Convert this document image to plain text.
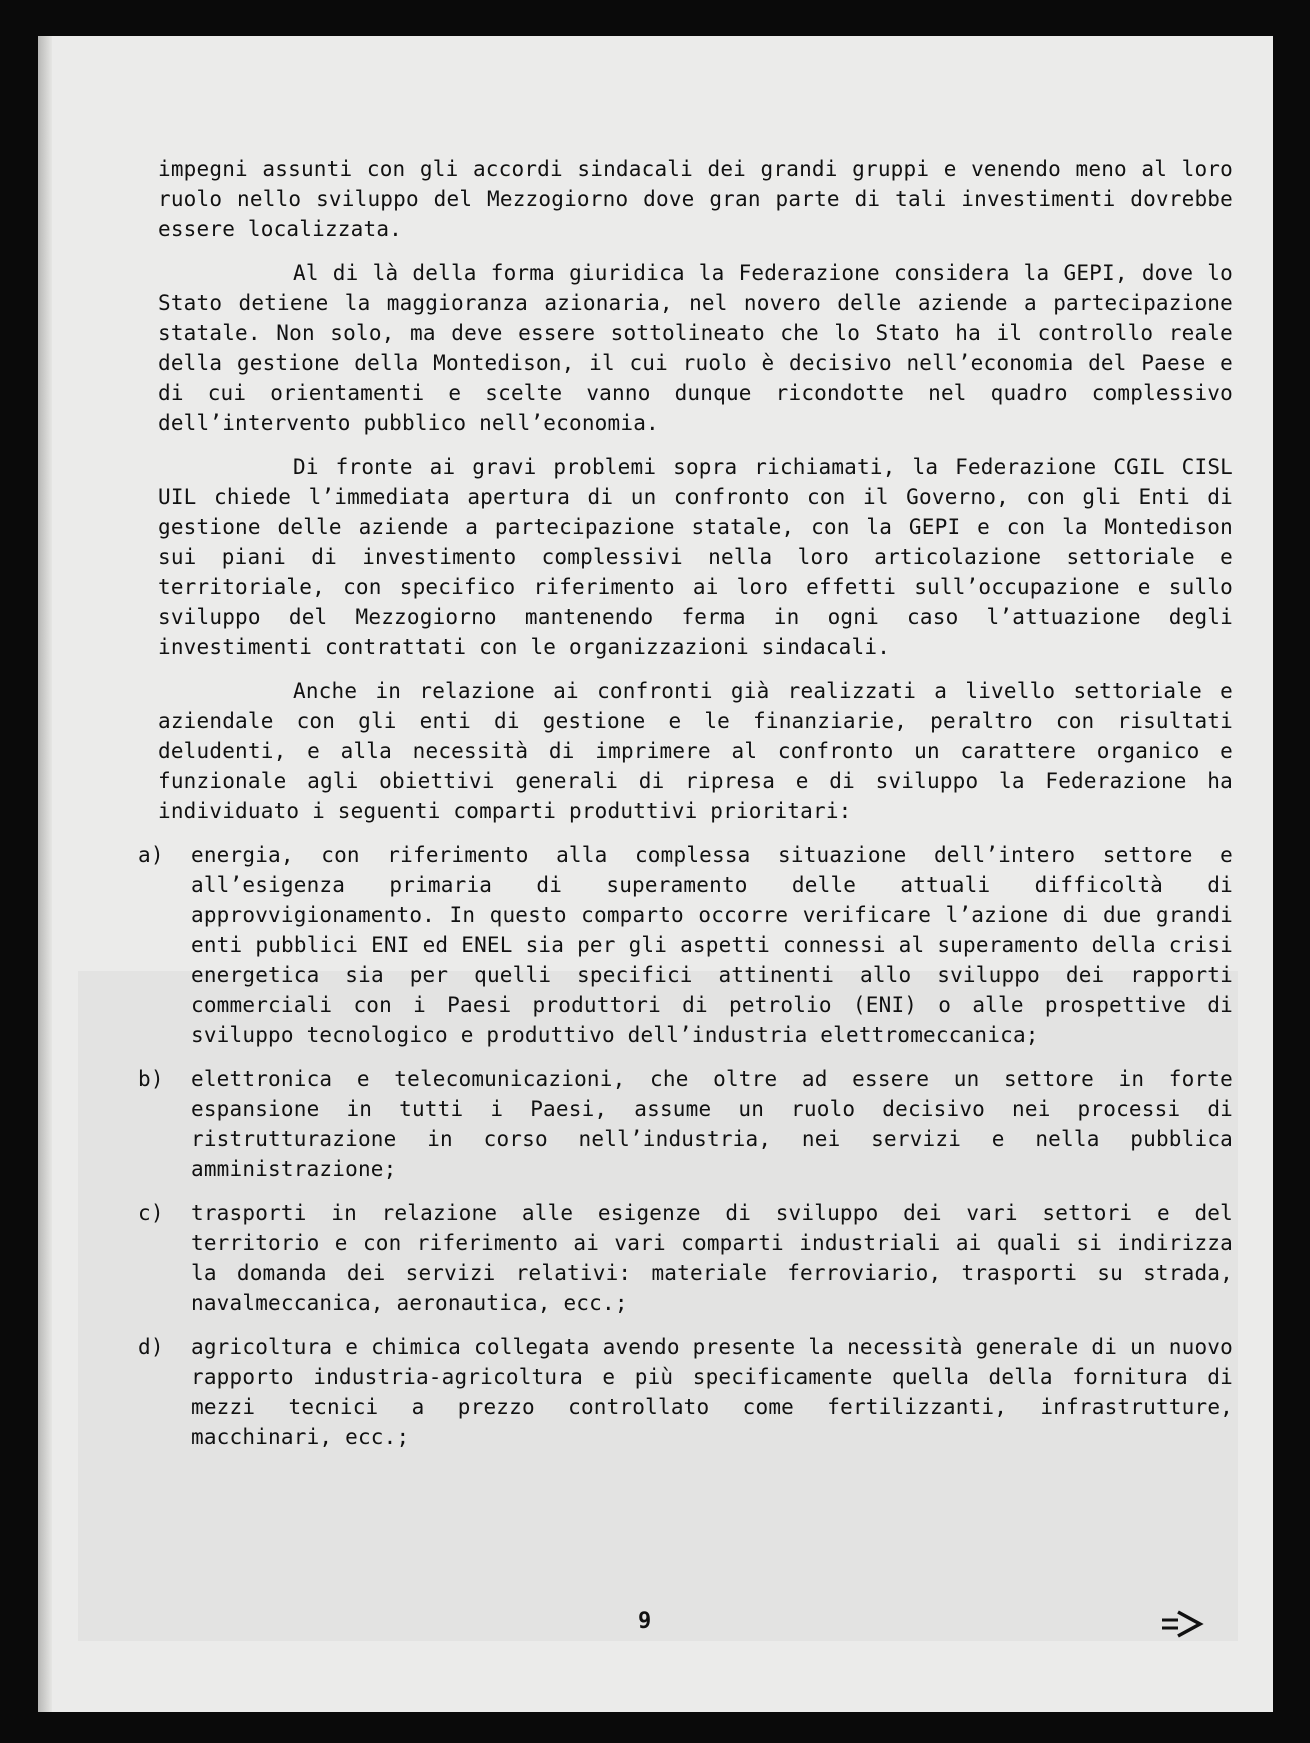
impegni assunti con gli accordi sindacali dei grandi gruppi e venendo meno al loro ruolo nello sviluppo del Mezzogiorno dove gran parte di tali investimenti dovrebbe essere localizzata.

Al di là della forma giuridica la Federazione considera la GEPI, dove lo Stato detiene la maggioranza azionaria, nel novero delle aziende a partecipazione statale. Non solo, ma deve essere sottolineato che lo Stato ha il controllo reale della gestione della Montedison, il cui ruolo è decisivo nell’economia del Paese e di cui orientamenti e scelte vanno dunque ricondotte nel quadro complessivo dell’intervento pubblico nell’economia.

Di fronte ai gravi problemi sopra richiamati, la Federazione CGIL CISL UIL chiede l’immediata apertura di un confronto con il Governo, con gli Enti di gestione delle aziende a partecipazione statale, con la GEPI e con la Montedison sui piani di investimento complessivi nella loro articolazione settoriale e territoriale, con specifico riferimento ai loro effetti sull’occupazione e sullo sviluppo del Mezzogiorno mantenendo ferma in ogni caso l’attuazione degli investimenti contrattati con le organizzazioni sindacali.

Anche in relazione ai confronti già realizzati a livello settoriale e aziendale con gli enti di gestione e le finanziarie, peraltro con risultati deludenti, e alla necessità di imprimere al confronto un carattere organico e funzionale agli obiettivi generali di ripresa e di sviluppo la Federazione ha individuato i seguenti comparti produttivi prioritari:

a)	energia, con riferimento alla complessa situazione dell’intero settore e all’esigenza primaria di superamento delle attuali difficoltà di approvvigionamento. In questo comparto occorre verificare l’azione di due grandi enti pubblici ENI ed ENEL sia per gli aspetti connessi al superamento della crisi energetica sia per quelli specifici attinenti allo sviluppo dei rapporti commerciali con i Paesi produttori di petrolio (ENI) o alle prospettive di sviluppo tecnologico e produttivo dell’industria elettromeccanica;
b)	elettronica e telecomunicazioni, che oltre ad essere un settore in forte espansione in tutti i Paesi, assume un ruolo decisivo nei processi di ristrutturazione in corso nell’industria, nei servizi e nella pubblica amministrazione;
c)	trasporti in relazione alle esigenze di sviluppo dei vari settori e del territorio e con riferimento ai vari comparti industriali ai quali si indirizza la domanda dei servizi relativi: materiale ferroviario, trasporti su strada, navalmeccanica, aeronautica, ecc.;
d)	agricoltura e chimica collegata avendo presente la necessità generale di un nuovo rapporto industria-agricoltura e più specificamente quella della fornitura di mezzi tecnici a prezzo controllato come fertilizzanti, infrastrutture, macchinari, ecc.;
9
